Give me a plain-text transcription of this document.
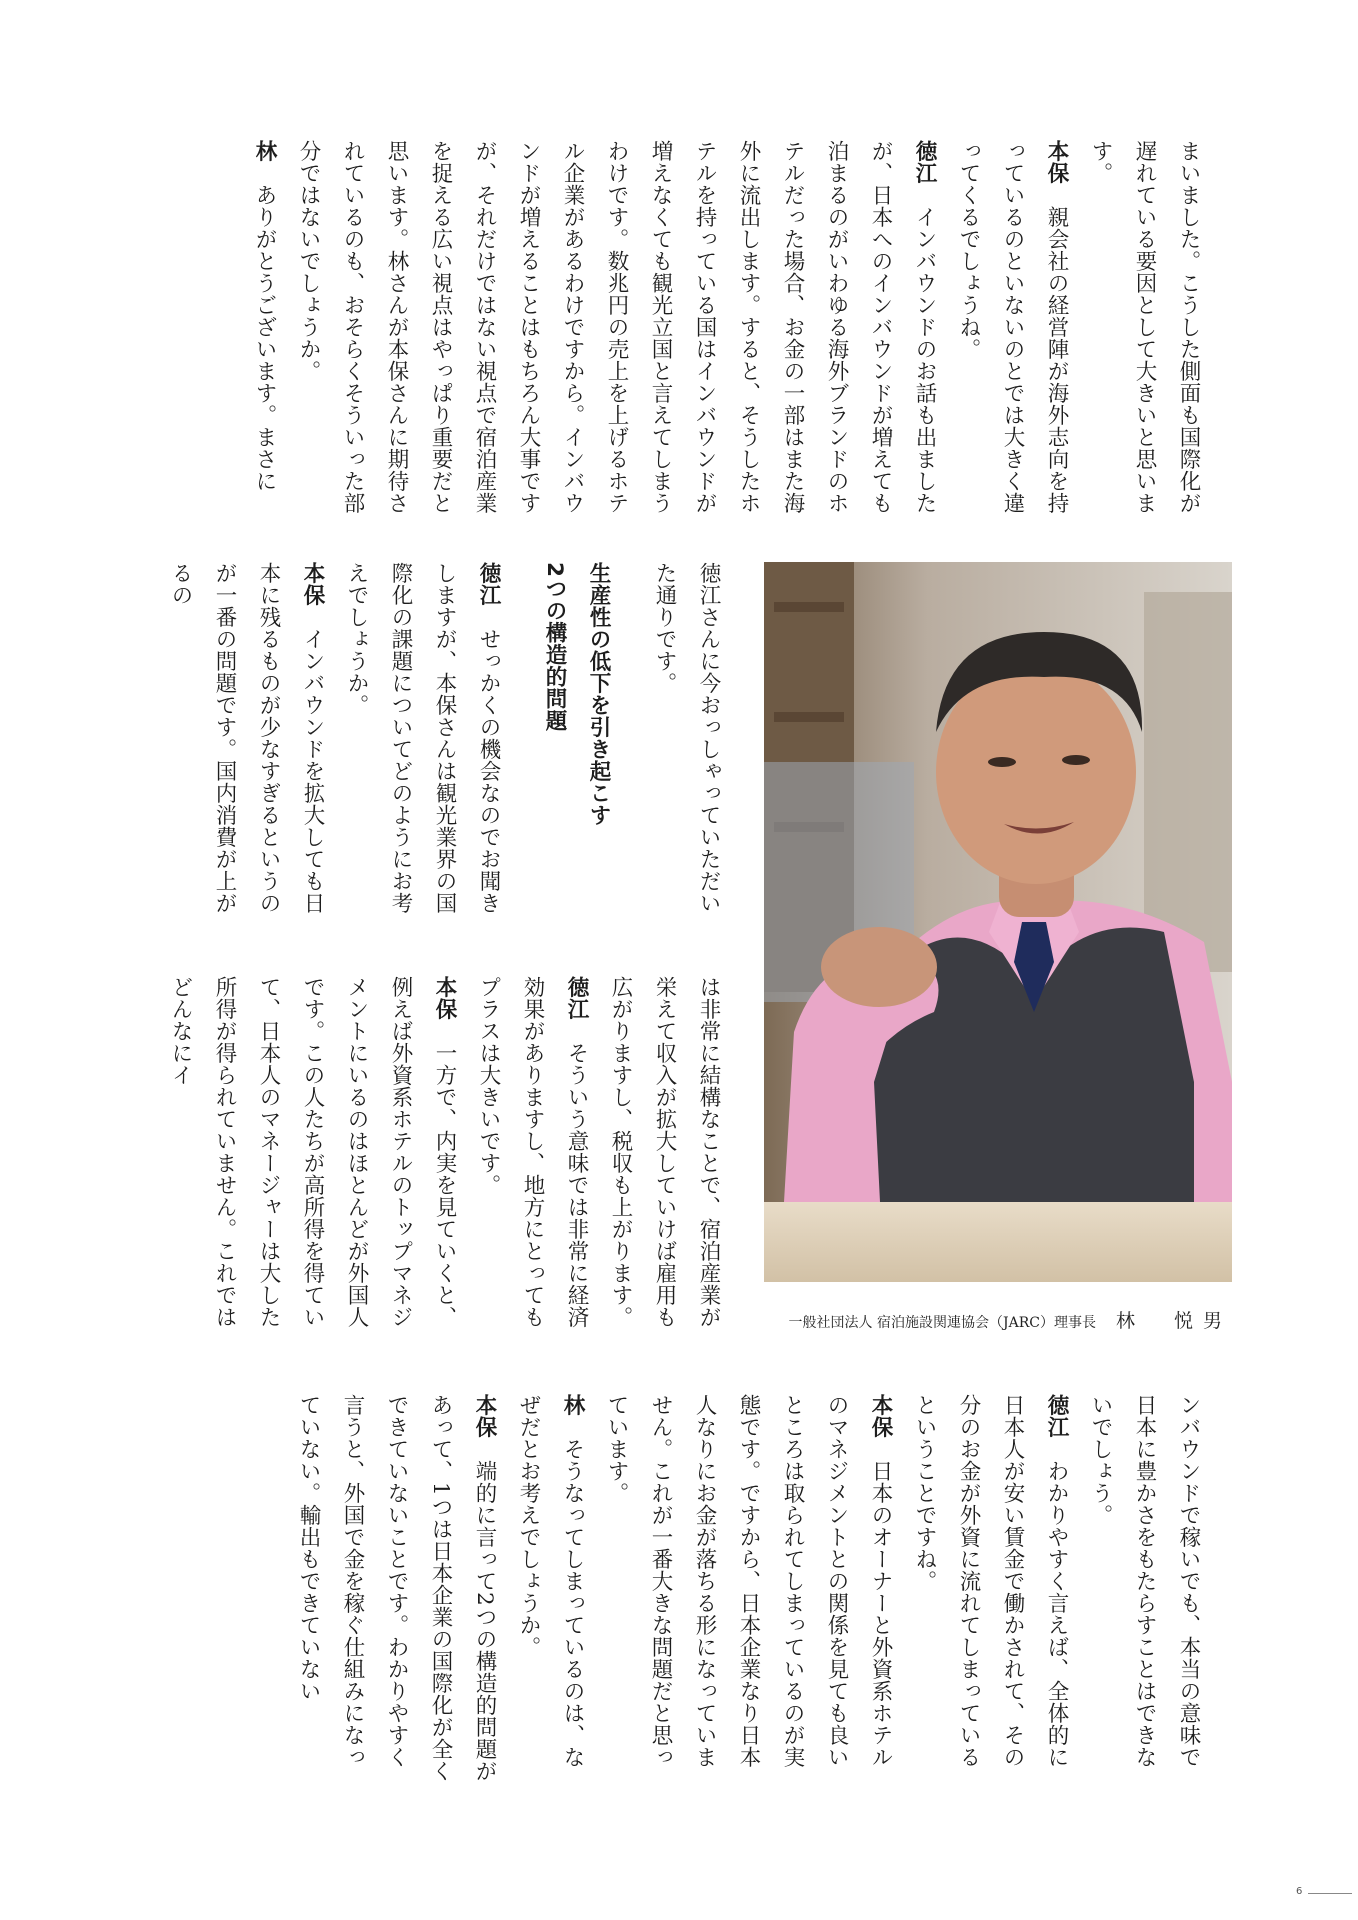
まいました。こうした側面も国際化が遅れている要因として大きいと思います。

本保親会社の経営陣が海外志向を持っているのといないのとでは大きく違ってくるでしょうね。

徳江インバウンドのお話も出ましたが、日本へのインバウンドが増えても泊まるのがいわゆる海外ブランドのホテルだった場合、お金の一部はまた海外に流出します。すると、そうしたホテルを持っている国はインバウンドが増えなくても観光立国と言えてしまうわけです。数兆円の売上を上げるホテル企業があるわけですから。インバウンドが増えることはもちろん大事ですが、それだけではない視点で宿泊産業を捉える広い視点はやっぱり重要だと思います。林さんが本保さんに期待されているのも、おそらくそういった部分ではないでしょうか。

林ありがとうございます。まさに

徳江さんに今おっしゃっていただいた通りです。

生産性の低下を引き起こす
2つの構造的問題

徳江せっかくの機会なのでお聞きしますが、本保さんは観光業界の国際化の課題についてどのようにお考えでしょうか。

本保インバウンドを拡大しても日本に残るものが少なすぎるというのが一番の問題です。国内消費が上がるの

は非常に結構なことで、宿泊産業が栄えて収入が拡大していけば雇用も広がりますし、税収も上がります。

徳江そういう意味では非常に経済効果がありますし、地方にとってもプラスは大きいです。

本保一方で、内実を見ていくと、例えば外資系ホテルのトップマネジメントにいるのはほとんどが外国人です。この人たちが高所得を得ていて、日本人のマネージャーは大した所得が得られていません。これではどんなにイ

一般社団法人 宿泊施設関連協会（JARC）理事長 林　悦男

ンバウンドで稼いでも、本当の意味で日本に豊かさをもたらすことはできないでしょう。

徳江わかりやすく言えば、全体的に日本人が安い賃金で働かされて、その分のお金が外資に流れてしまっているということですね。

本保日本のオーナーと外資系ホテルのマネジメントとの関係を見ても良いところは取られてしまっているのが実態です。ですから、日本企業なり日本人なりにお金が落ちる形になっていません。これが一番大きな問題だと思っています。

林そうなってしまっているのは、なぜだとお考えでしょうか。

本保端的に言って2つの構造的問題があって、1つは日本企業の国際化が全くできていないことです。わかりやすく言うと、外国で金を稼ぐ仕組みになっていない。輸出もできていない

6
